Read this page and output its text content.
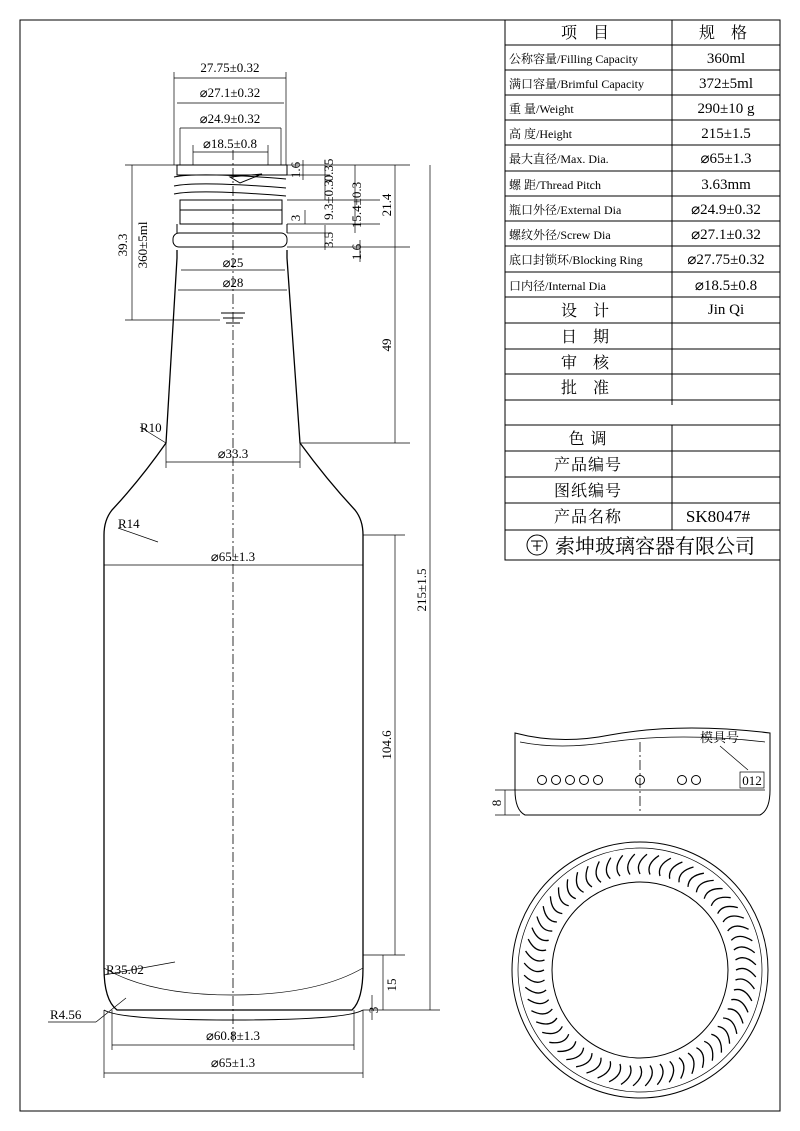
项 目	规 格
公称容量/Filling Capacity	360ml
满口容量/Brimful Capacity	372±5ml
重 量/Weight	290±10 g
高 度/Height	215±1.5
最大直径/Max. Dia.	⌀65±1.3
螺 距/Thread Pitch	3.63mm
瓶口外径/External Dia	⌀24.9±0.32
螺纹外径/Screw Dia	⌀27.1±0.32
底口封锁环/Blocking Ring	⌀27.75±0.32
口内径/Internal Dia	⌀18.5±0.8
设 计	Jin Qi
日 期
审 核
批 准
色 调
产品编号
图纸编号
产品名称	SK8047#
索坤玻璃容器有限公司
27.75±0.32
⌀27.1±0.32
⌀24.9±0.32
⌀18.5±0.8
1.6 0.35
9.3±0.3
3	15.4±0.3 21.4
3.5
1.6
49
215±1.5
104.6
15
3
39.3 360±5ml	⌀25
⌀28
R10
⌀33.3
R14
⌀65±1.3
R35.02
R4.56
⌀60.8±1.3
⌀65±1.3
模具号
012
8
